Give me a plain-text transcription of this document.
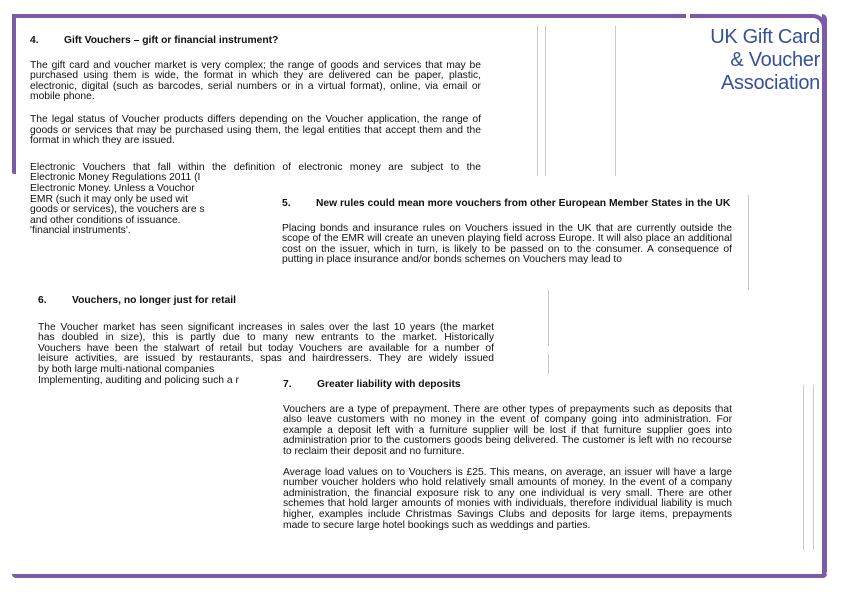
UK Gift Card
& Voucher
Association
4.	Gift Vouchers – gift or financial instrument?

The gift card and voucher market is very complex; the range of goods and services that may be purchased using them is wide, the format in which they are delivered can be paper, plastic, electronic, digital (such as barcodes, serial numbers or in a virtual format), online, via email or mobile phone.

The legal status of Voucher products differs depending on the Voucher application, the range of goods or services that may be purchased using them, the legal entities that accept them and the format in which they are issued.

Electronic Vouchers that fall within the definition of electronic money are subject to the
Electronic Money Regulations 2011 (I
Electronic Money. Unless a Vouchor
EMR (such it may only be used wit
goods or services), the vouchers are s
and other conditions of issuance.
'financial instruments'.
6.	Vouchers, no longer just for retail
The Voucher market has seen significant increases in sales over the last 10 years (the market
has doubled in size), this is partly due to many new entrants to the market. Historically
Vouchers have been the stalwart of retail but today Vouchers are available for a number of
leisure activities, are issued by restaurants, spas and hairdressers. They are widely issued
by both large multi-national companies
Implementing, auditing and policing such a r
5.	New rules could mean more vouchers from other European Member States in the UK

Placing bonds and insurance rules on Vouchers issued in the UK that are currently outside the scope of the EMR will create an uneven playing field across Europe. It will also place an additional cost on the issuer, which in turn, is likely to be passed on to the consumer. A consequence of putting in place insurance and/or bonds schemes on Vouchers may lead to

7.	Greater liability with deposits

Vouchers are a type of prepayment. There are other types of prepayments such as deposits that also leave customers with no money in the event of company going into administration. For example a deposit left with a furniture supplier will be lost if that furniture supplier goes into administration prior to the customers goods being delivered. The customer is left with no recourse to reclaim their deposit and no furniture.

Average load values on to Vouchers is £25. This means, on average, an issuer will have a large number voucher holders who hold relatively small amounts of money. In the event of a company administration, the financial exposure risk to any one individual is very small. There are other schemes that hold larger amounts of monies with individuals, therefore individual liability is much higher, examples include Christmas Savings Clubs and deposits for large items, prepayments made to secure large hotel bookings such as weddings and parties.
